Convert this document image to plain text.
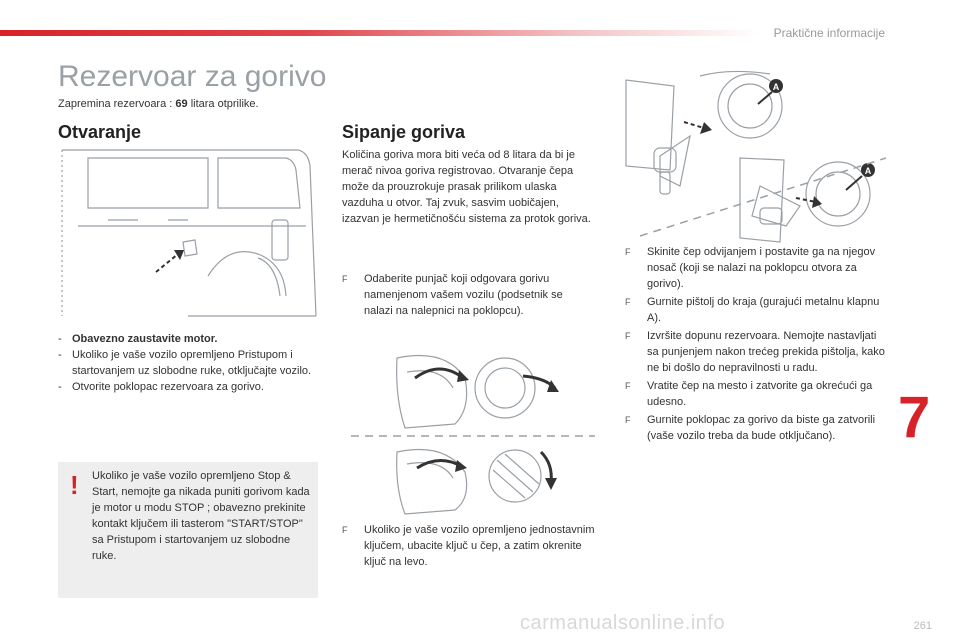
Praktične informacije
Rezervoar za gorivo
Zapremina rezervoara : 69 litara otprilike.
Otvaranje
- Obavezno zaustavite motor.
- Ukoliko je vaše vozilo opremljeno Pristupom i startovanjem uz slobodne ruke, otključajte vozilo.
- Otvorite poklopac rezervoara za gorivo.
! Ukoliko je vaše vozilo opremljeno Stop & Start, nemojte ga nikada puniti gorivom kada je motor u modu STOP ; obavezno prekinite kontakt ključem ili tasterom "START/STOP" sa Pristupom i startovanjem uz slobodne ruke.
Sipanje goriva
Količina goriva mora biti veća od 8 litara da bi je merač nivoa goriva registrovao. Otvaranje čepa može da prouzrokuje prasak prilikom ulaska vazduha u otvor. Taj zvuk, sasvim uobičajen, izazvan je hermetičnošću sistema za protok goriva.
F Odaberite punjač koji odgovara gorivu namenjenom vašem vozilu (podsetnik se nalazi na nalepnici na poklopcu).
F Ukoliko je vaše vozilo opremljeno jednostavnim ključem, ubacite ključ u čep, a zatim okrenite ključ na levo.
A
A
F Skinite čep odvijanjem i postavite ga na njegov nosač (koji se nalazi na poklopcu otvora za gorivo).
F Gurnite pištolj do kraja (gurajući metalnu klapnu A).
F Izvršite dopunu rezervoara. Nemojte nastavljati sa punjenjem nakon trećeg prekida pištolja, kako ne bi došlo do nepravilnosti u radu.
F Vratite čep na mesto i zatvorite ga okrećući ga udesno.
F Gurnite poklopac za gorivo da biste ga zatvorili (vaše vozilo treba da bude otključano).	7
carmanualsonline.info	261
